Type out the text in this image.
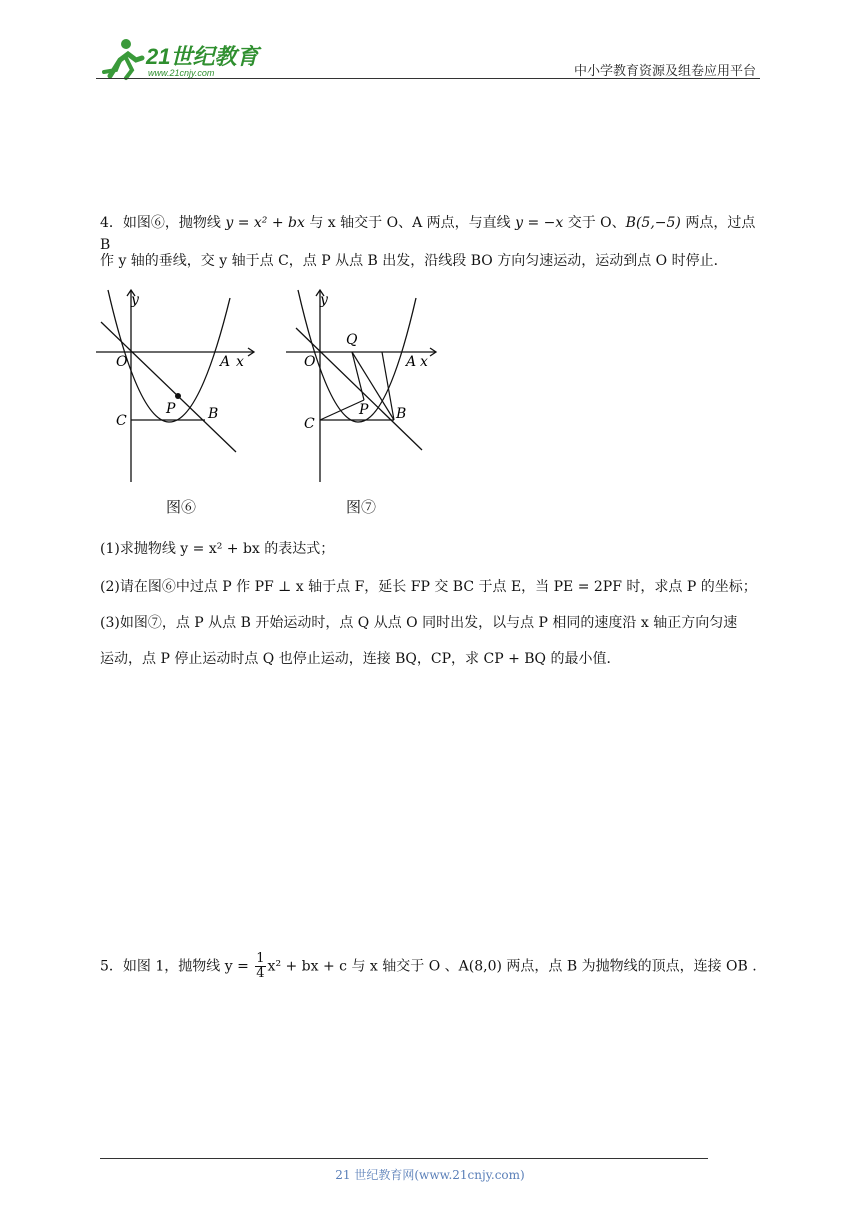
21世纪教育
www.21cnjy.com	中小学教育资源及组卷应用平台
4．如图⑥，抛物线 y = x² + bx 与 x 轴交于 O、A 两点，与直线 y = −x 交于 O、B(5,−5) 两点，过点 B
作 y 轴的垂线，交 y 轴于点 C，点 P 从点 B 出发，沿线段 BO 方向匀速运动，运动到点 O 时停止．
y
x
A
O
C
P B
图⑥
y
x
A
O
C
Q
P B
图⑦
(1)求抛物线 y = x² + bx 的表达式；
(2)请在图⑥中过点 P 作 PF ⊥ x 轴于点 F，延长 FP 交 BC 于点 E，当 PE = 2PF 时，求点 P 的坐标；
(3)如图⑦，点 P 从点 B 开始运动时，点 Q 从点 O 同时出发，以与点 P 相同的速度沿 x 轴正方向匀速
运动，点 P 停止运动时点 Q 也停止运动，连接 BQ，CP，求 CP + BQ 的最小值．
5．如图 1，抛物线 $y = \frac{1}{4} x^2$ + bx + c 与 x 轴交于 O 、A(8,0) 两点，点 B 为抛物线的顶点，连接 OB .
21 世纪教育网(www.21cnjy.com)
